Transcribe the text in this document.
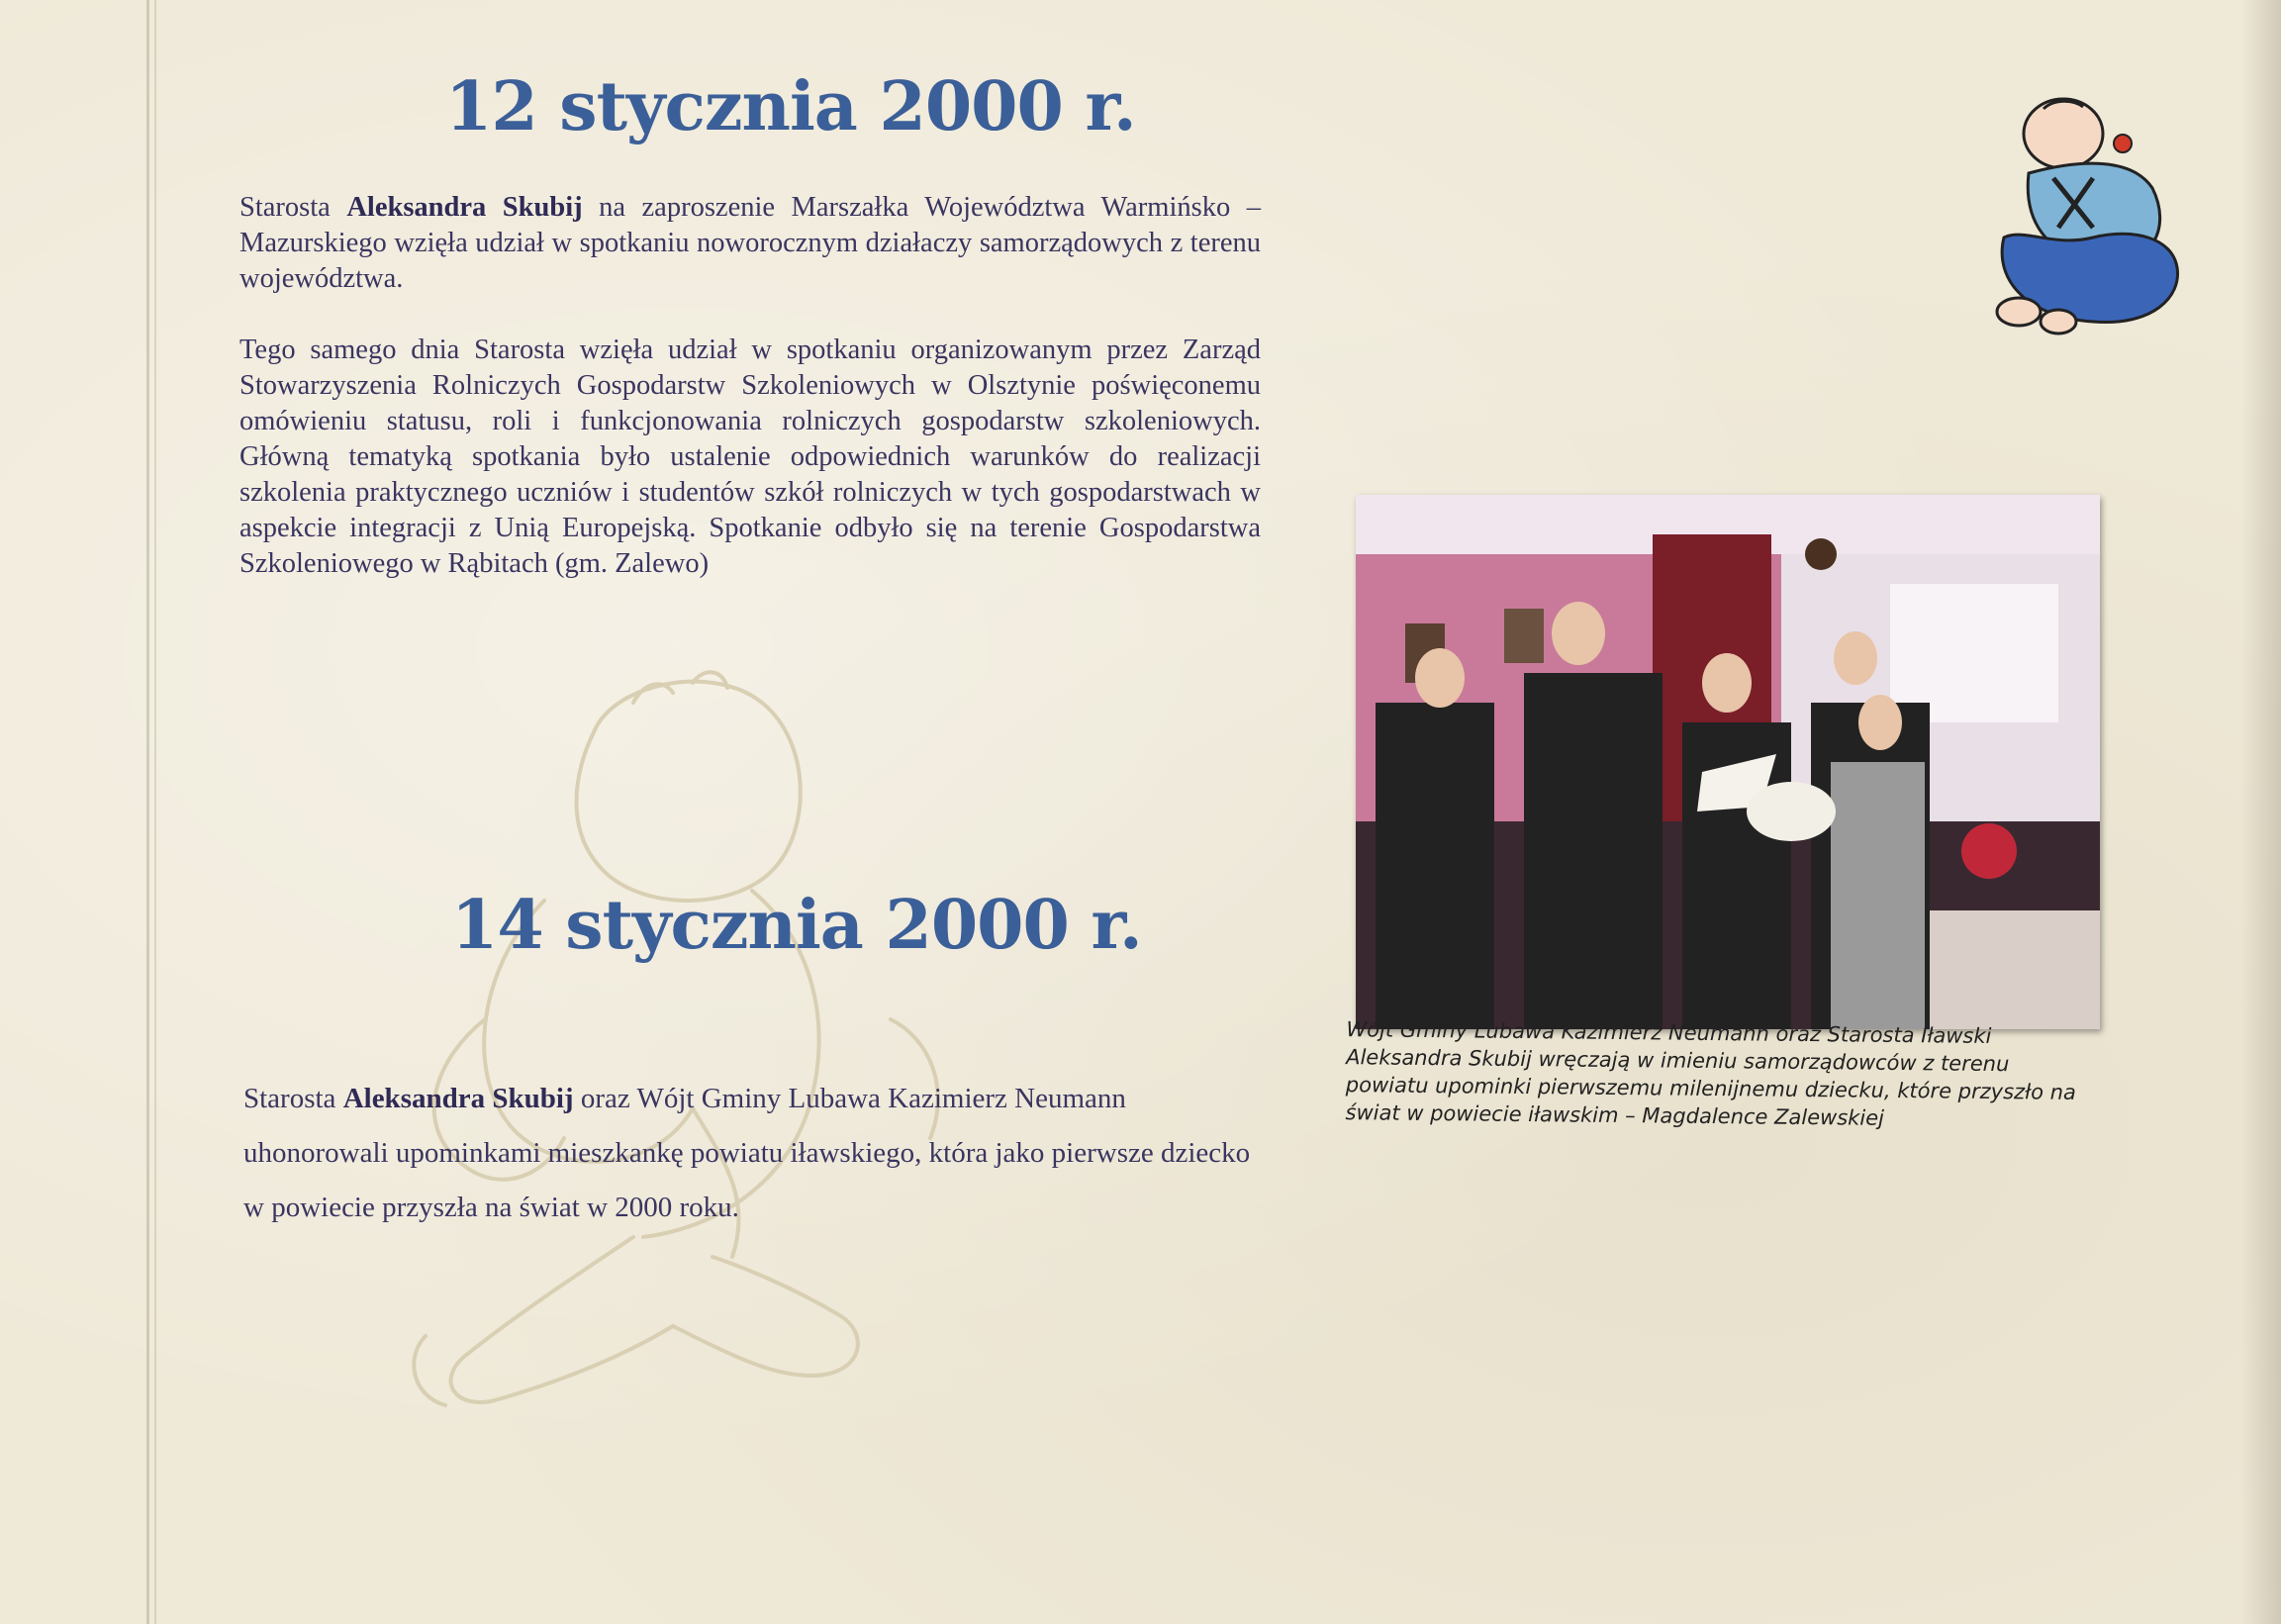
12 stycznia 2000 r.

Starosta Aleksandra Skubij na zaproszenie Marszałka Województwa Warmińsko –Mazurskiego wzięła udział w spotkaniu noworocznym działaczy samorządowych z terenu województwa.

Tego samego dnia Starosta wzięła udział w spotkaniu organizowanym przez Zarząd Stowarzyszenia Rolniczych Gospodarstw Szkoleniowych w Olsztynie poświęconemu omówieniu statusu, roli i funkcjonowania rolniczych gospodarstw szkoleniowych. Główną tematyką spotkania było ustalenie odpowiednich warunków do realizacji szkolenia praktycznego uczniów i studentów szkół rolniczych w tych gospodarstwach w aspekcie integracji z Unią Europejską. Spotkanie odbyło się na terenie Gospodarstwa Szkoleniowego w Rąbitach (gm. Zalewo)

14 stycznia 2000 r.

Starosta Aleksandra Skubij oraz Wójt Gminy Lubawa Kazimierz Neumann uhonorowali upominkami mieszkankę powiatu iławskiego, która jako pierwsze dziecko w powiecie przyszła na świat w 2000 roku.

Wójt Gminy Lubawa Kazimierz Neumann oraz Starosta Iławski Aleksandra Skubij wręczają w imieniu samorządowców z terenu powiatu upominki pierwszemu milenijnemu dziecku, które przyszło na świat w powiecie iławskim – Magdalence Zalewskiej
